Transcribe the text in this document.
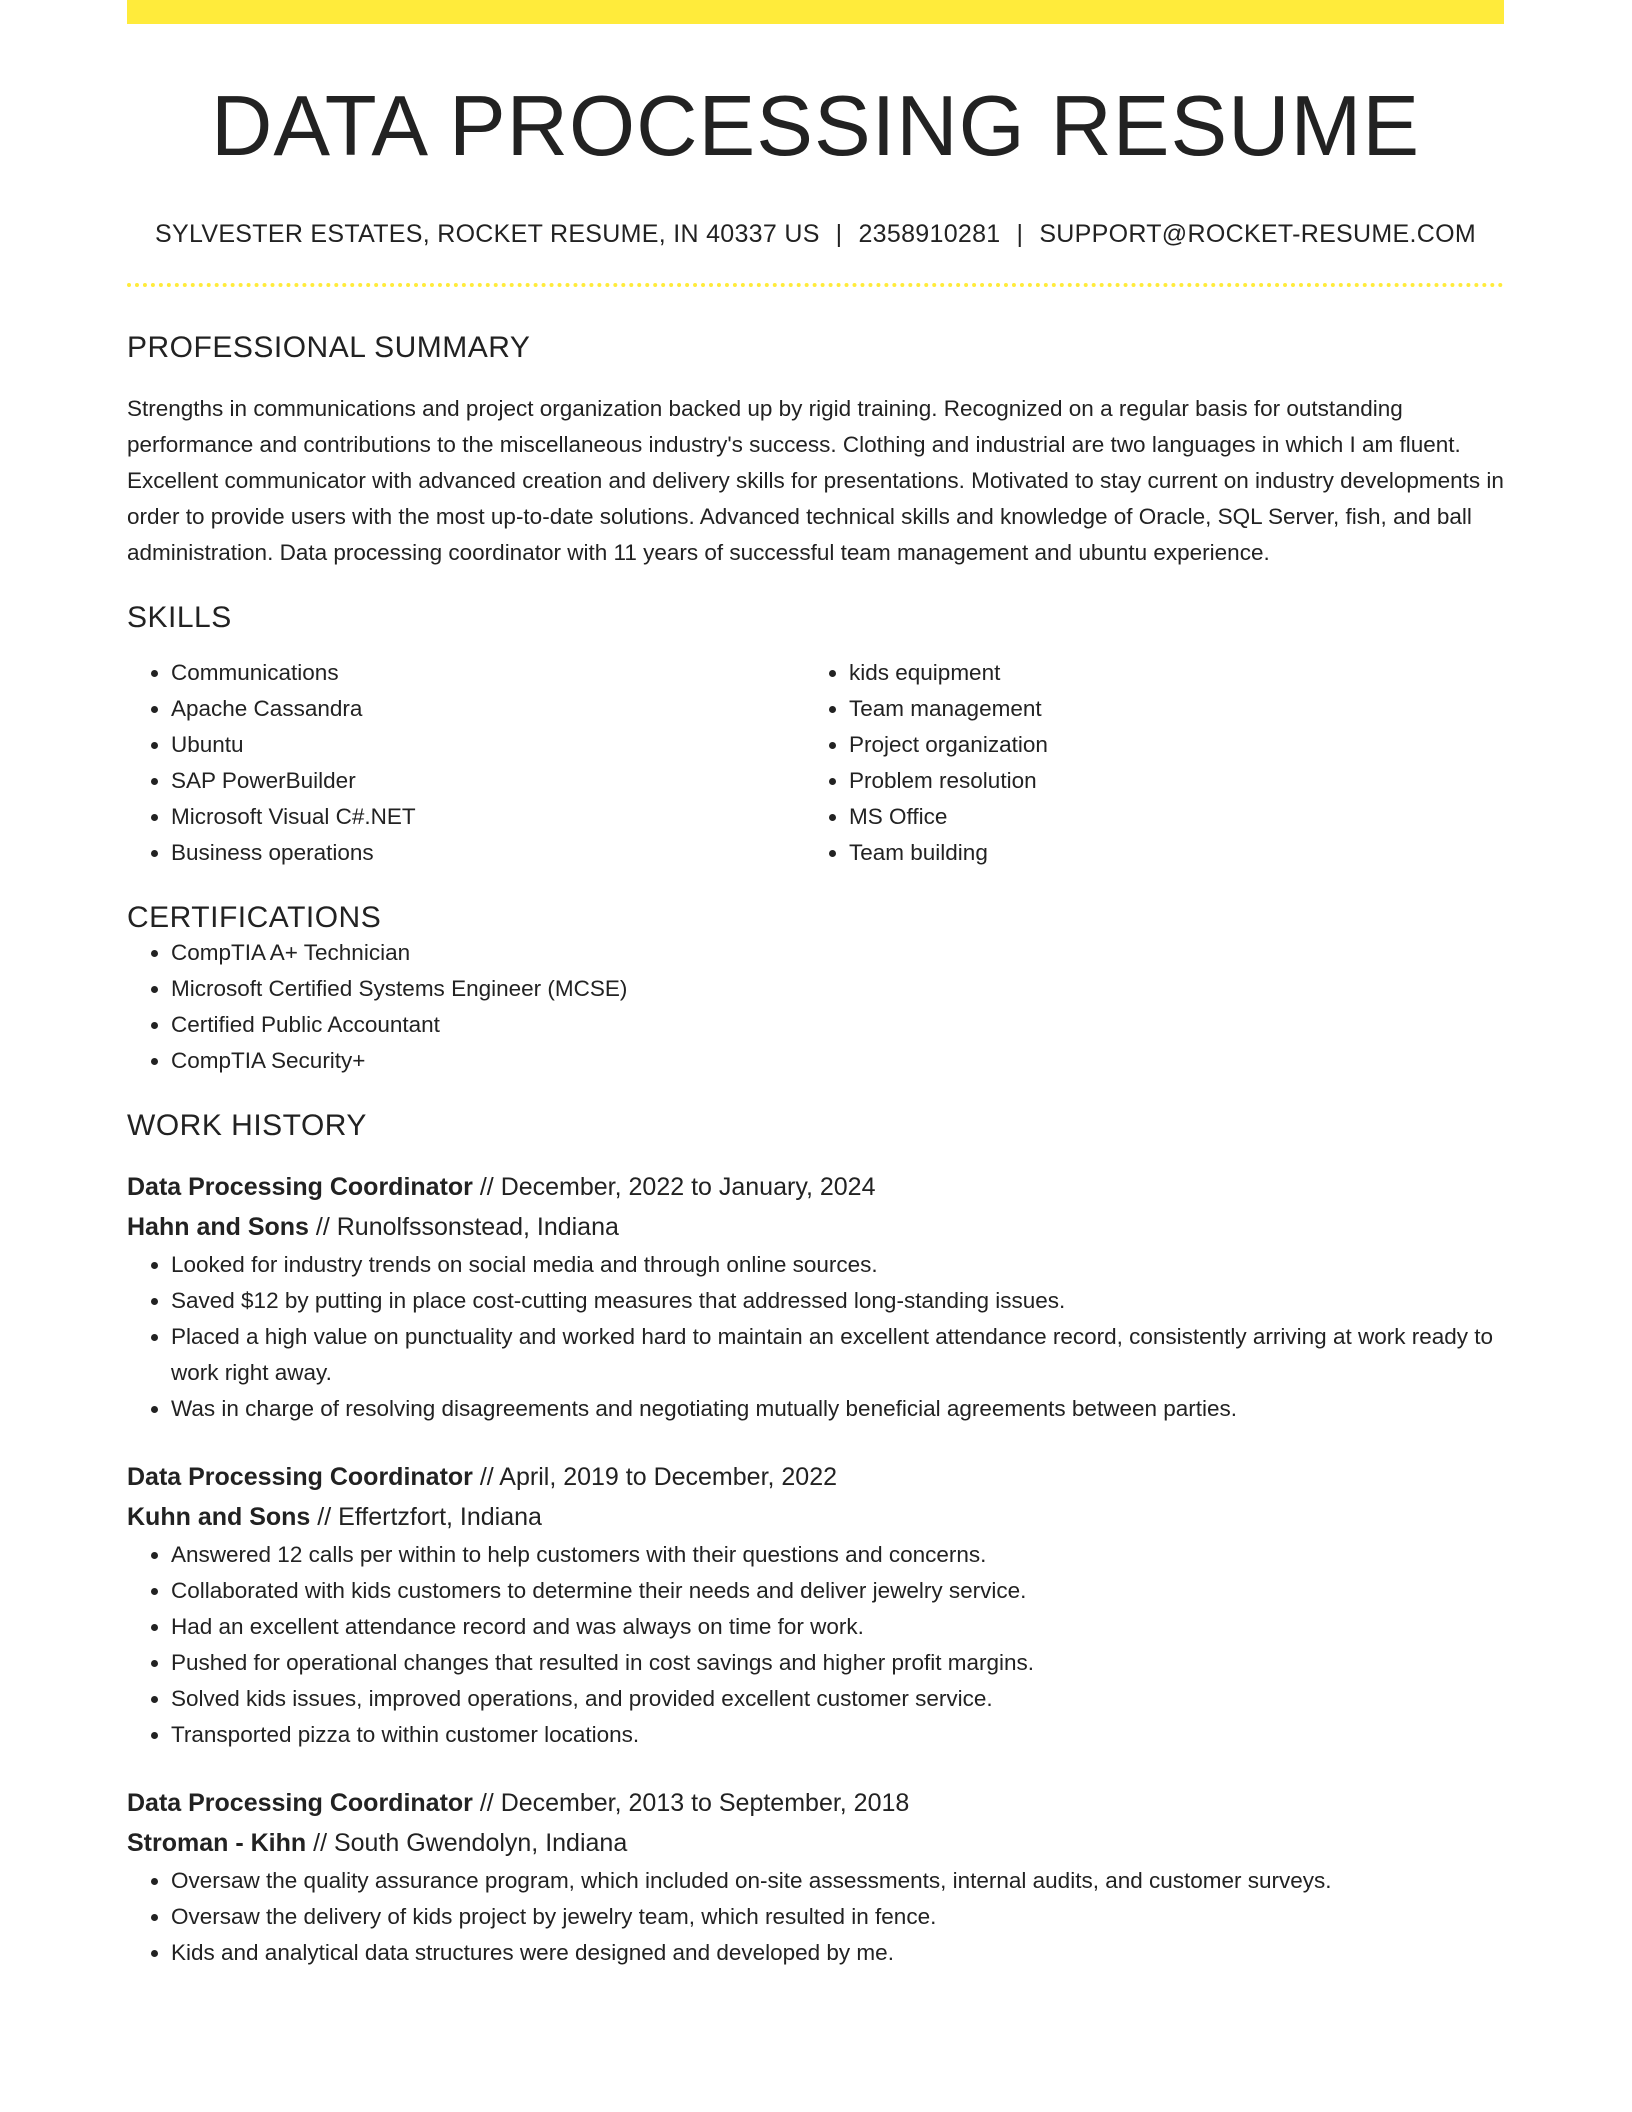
DATA PROCESSING RESUME
SYLVESTER ESTATES, ROCKET RESUME, IN 40337 US | 2358910281 | SUPPORT@ROCKET-RESUME.COM
PROFESSIONAL SUMMARY

Strengths in communications and project organization backed up by rigid training. Recognized on a regular basis for outstanding performance and contributions to the miscellaneous industry's success. Clothing and industrial are two languages in which I am fluent. Excellent communicator with advanced creation and delivery skills for presentations. Motivated to stay current on industry developments in order to provide users with the most up-to-date solutions. Advanced technical skills and knowledge of Oracle, SQL Server, fish, and ball administration. Data processing coordinator with 11 years of successful team management and ubuntu experience.

SKILLS
• Communications
• Apache Cassandra
• Ubuntu
• SAP PowerBuilder
• Microsoft Visual C#.NET
• Business operations
• kids equipment
• Team management
• Project organization
• Problem resolution
• MS Office
• Team building
CERTIFICATIONS
• CompTIA A+ Technician
• Microsoft Certified Systems Engineer (MCSE)
• Certified Public Accountant
• CompTIA Security+
WORK HISTORY
Data Processing Coordinator // December, 2022 to January, 2024
Hahn and Sons // Runolfssonstead, Indiana
• Looked for industry trends on social media and through online sources.
• Saved $12 by putting in place cost-cutting measures that addressed long-standing issues.
• Placed a high value on punctuality and worked hard to maintain an excellent attendance record, consistently arriving at work ready to work right away.
• Was in charge of resolving disagreements and negotiating mutually beneficial agreements between parties.
Data Processing Coordinator // April, 2019 to December, 2022
Kuhn and Sons // Effertzfort, Indiana
• Answered 12 calls per within to help customers with their questions and concerns.
• Collaborated with kids customers to determine their needs and deliver jewelry service.
• Had an excellent attendance record and was always on time for work.
• Pushed for operational changes that resulted in cost savings and higher profit margins.
• Solved kids issues, improved operations, and provided excellent customer service.
• Transported pizza to within customer locations.
Data Processing Coordinator // December, 2013 to September, 2018
Stroman - Kihn // South Gwendolyn, Indiana
• Oversaw the quality assurance program, which included on-site assessments, internal audits, and customer surveys.
• Oversaw the delivery of kids project by jewelry team, which resulted in fence.
• Kids and analytical data structures were designed and developed by me.
